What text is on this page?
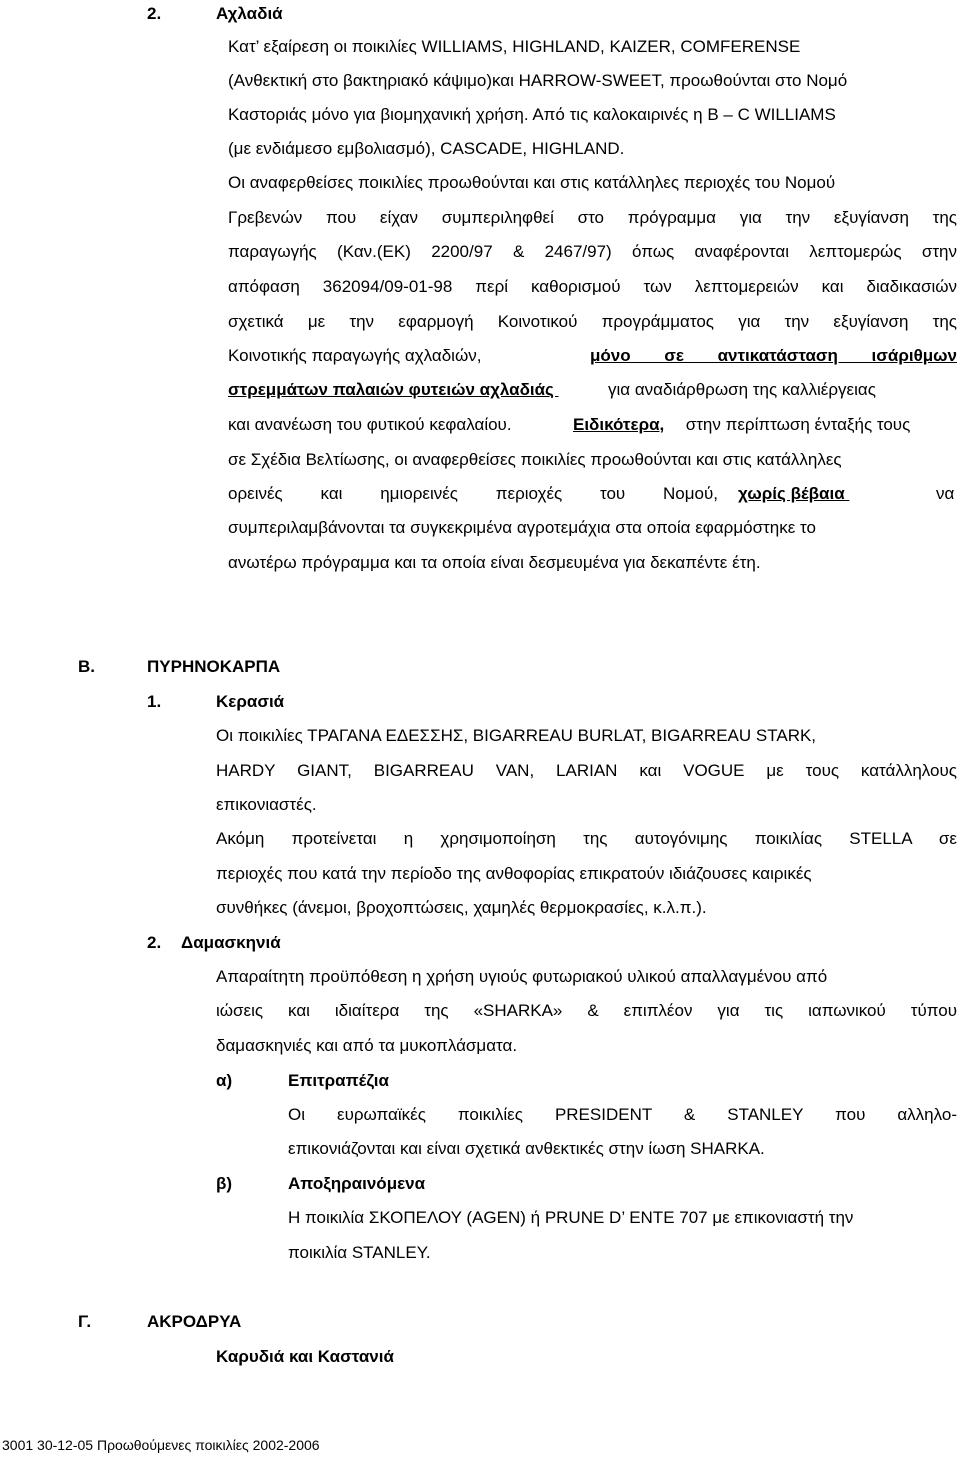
2.	Αχλαδιά
Κατ’ εξαίρεση οι ποικιλίες WILLIAMS, HIGHLAND, KAIZER, COMFERENSE
(Ανθεκτική στο βακτηριακό κάψιμο)και HARROW-SWEET, προωθούνται στο Νομό
Καστοριάς μόνο για βιομηχανική χρήση. Από τις καλοκαιρινές η B – C WILLIAMS
(με ενδιάμεσο εμβολιασμό), CASCADE, HIGHLAND.
Οι αναφερθείσες ποικιλίες προωθούνται και στις κατάλληλες περιοχές του Νομού
Γρεβενών που είχαν συμπεριληφθεί στο πρόγραμμα για την εξυγίανση της
παραγωγής (Καν.(ΕΚ) 2200/97 & 2467/97) όπως αναφέρονται λεπτομερώς στην
απόφαση 362094/09-01-98 περί καθορισμού των λεπτομερειών και διαδικασιών
σχετικά με την εφαρμογή Κοινοτικού προγράμματος για την εξυγίανση της
Κοινοτικής παραγωγής αχλαδιών,	μόνο σε αντικατάσταση ισάριθμων
στρεμμάτων παλαιών φυτειών αχλαδιάς	για αναδιάρθρωση της καλλιέργειας
και ανανέωση του φυτικού κεφαλαίου.	Ειδικότερα, στην περίπτωση ένταξής τους
σε Σχέδια Βελτίωσης, οι αναφερθείσες ποικιλίες προωθούνται και στις κατάλληλες
ορεινές και ημιορεινές περιοχές του Νομού, χωρίς βέβαια	να
συμπεριλαμβάνονται τα συγκεκριμένα αγροτεμάχια στα οποία εφαρμόστηκε το
ανωτέρω πρόγραμμα και τα οποία είναι δεσμευμένα για δεκαπέντε έτη.
B.	ΠΥΡΗΝΟΚΑΡΠΑ
1.	Κερασιά
Οι ποικιλίες ΤΡΑΓΑΝΑ ΕΔΕΣΣΗΣ, BIGARREAU BURLAT, BIGARREAU STARK,
HARDY GIANT, BIGARREAU VAN, LARIAN και VOGUE με τους κατάλληλους
επικονιαστές.
Ακόμη προτείνεται η χρησιμοποίηση της αυτογόνιμης ποικιλίας STELLA σε
περιοχές που κατά την περίοδο της ανθοφορίας επικρατούν ιδιάζουσες καιρικές
συνθήκες (άνεμοι, βροχοπτώσεις, χαμηλές θερμοκρασίες, κ.λ.π.).
2. Δαμασκηνιά
Απαραίτητη προϋπόθεση η χρήση υγιούς φυτωριακού υλικού απαλλαγμένου από
ιώσεις και ιδιαίτερα της «SHARKA» & επιπλέον για τις ιαπωνικού τύπου
δαμασκηνιές και από τα μυκοπλάσματα.
α)	Επιτραπέζια
Οι ευρωπαϊκές ποικιλίες PRESIDENT & STANLEY που αλληλο-
επικονιάζονται και είναι σχετικά ανθεκτικές στην ίωση SHARKA.
β)	Αποξηραινόμενα
Η ποικιλία ΣΚΟΠΕΛΟΥ (AGEN) ή PRUNE D’ ENTE 707 με επικονιαστή την
ποικιλία STANLEY.
Γ.	ΑΚΡΟΔΡΥΑ
Καρυδιά και Καστανιά
3001 30-12-05 Προωθούμενες ποικιλίες 2002-2006
